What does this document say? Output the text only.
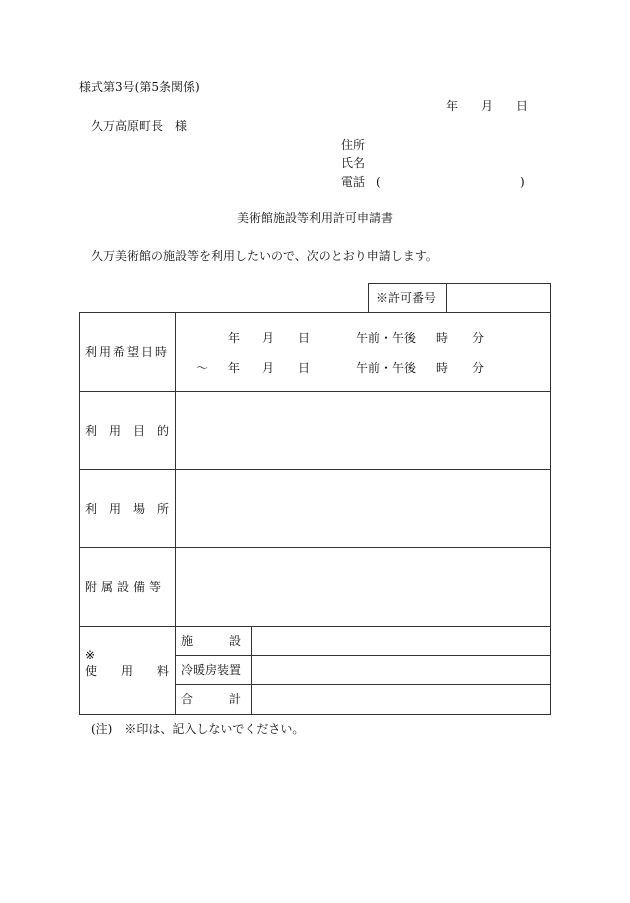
様式第3号(第5条関係)
年 月 日
久万高原町長　様
住所
氏名
電話 (	)
美術館施設等利用許可申請書
久万美術館の施設等を利用したいので、次のとおり申請します。
※許可番号
利用希望日時
年 月 日	午前・午後 時 分
～ 年 月 日	午前・午後 時 分
利　用　目　的
利　用　場　所
附属設備等
※
使　　用　　料
施　　　設
冷暖房装置
合　　　計
(注)　※印は、記入しないでください。
